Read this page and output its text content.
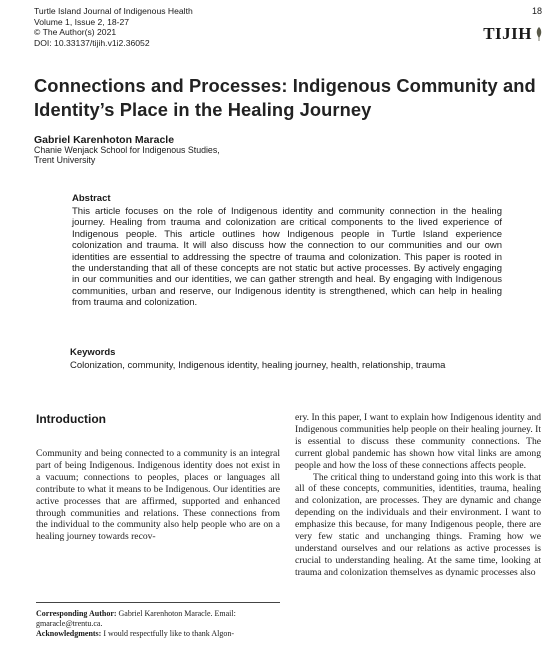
Turtle Island Journal of Indigenous Health
Volume 1, Issue 2, 18-27
© The Author(s) 2021
DOI: 10.33137/tijih.v1i2.36052
18
TIJIH
Connections and Processes: Indigenous Community and Identity’s Place in the Healing Journey
Gabriel Karenhoton Maracle
Chanie Wenjack School for Indigenous Studies,
Trent University

Abstract

This article focuses on the role of Indigenous identity and community connection in the healing journey. Healing from trauma and colonization are critical components to the lived experience of Indigenous people. This article outlines how Indigenous people in Turtle Island experience colonization and trauma. It will also discuss how the connection to our communities and our own identities are essential to addressing the spectre of trauma and colonization. This paper is rooted in the understanding that all of these concepts are not static but active processes. By actively engaging in our communities and our identities, we can gather strength and heal. By engaging with Indigenous communities, urban and reserve, our Indigenous identity is strengthened, which can help in healing from trauma and colonization.

Keywords

Colonization, community, Indigenous identity, healing journey, health, relationship, trauma

Introduction

Community and being connected to a community is an integral part of being Indigenous. Indigenous identity does not exist in a vacuum; connections to peoples, places or languages all contribute to what it means to be Indigenous. Our identities are active processes that are affirmed, supported and enhanced through communities and relations. These connections from the individual to the community also help people who are on a healing journey towards recov-

Corresponding Author: Gabriel Karenhoton Maracle. Email: gmaracle@trentu.ca.

Acknowledgments: I would respectfully like to thank Algon-

ery. In this paper, I want to explain how Indigenous identity and Indigenous communities help people on their healing journey. It is essential to discuss these community connections. The current global pandemic has shown how vital links are among people and how the loss of these connections affects people.

The critical thing to understand going into this work is that all of these concepts, communities, identities, trauma, healing and colonization, are processes. They are dynamic and change depending on the individuals and their environment. I want to emphasize this because, for many Indigenous people, there are very few static and unchanging things. Framing how we understand ourselves and our relations as active processes is crucial to understanding healing. At the same time, looking at trauma and colonization themselves as dynamic processes also
